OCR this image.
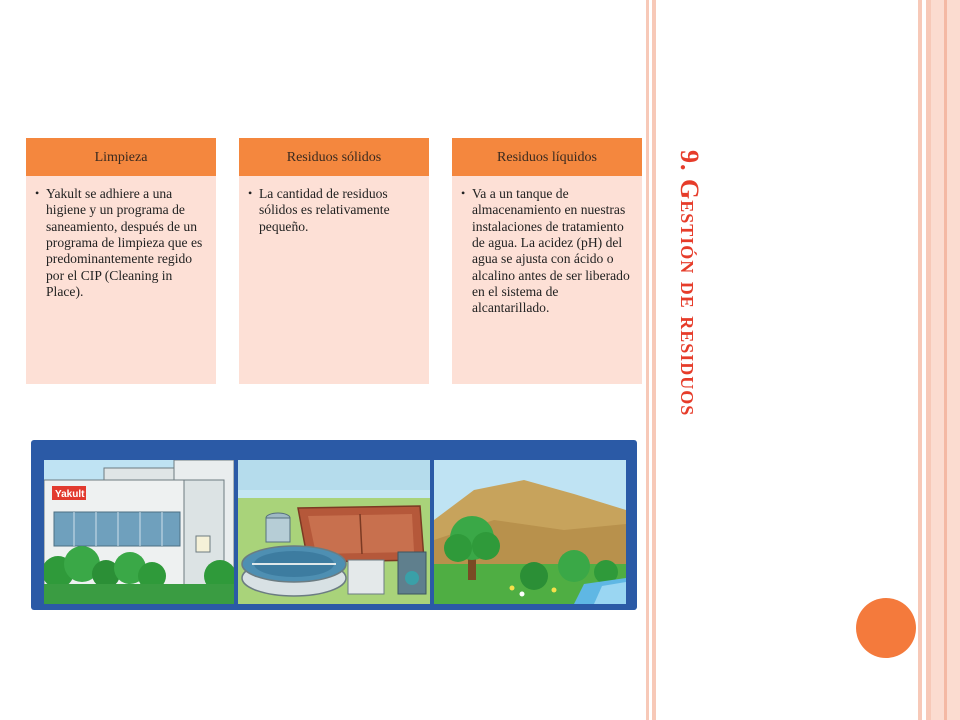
9. Gestión de residuos
Limpieza
• Yakult se adhiere a una higiene y un programa de saneamiento, después de un programa de limpieza que es predominantemente regido por el CIP (Cleaning in Place).
Residuos sólidos
• La cantidad de residuos sólidos es relativamente pequeño.
Residuos líquidos
• Va a un tanque de almacenamiento en nuestras instalaciones de tratamiento de agua. La acidez (pH) del agua se ajusta con ácido o alcalino antes de ser liberado en el sistema de alcantarillado.
Yakult
